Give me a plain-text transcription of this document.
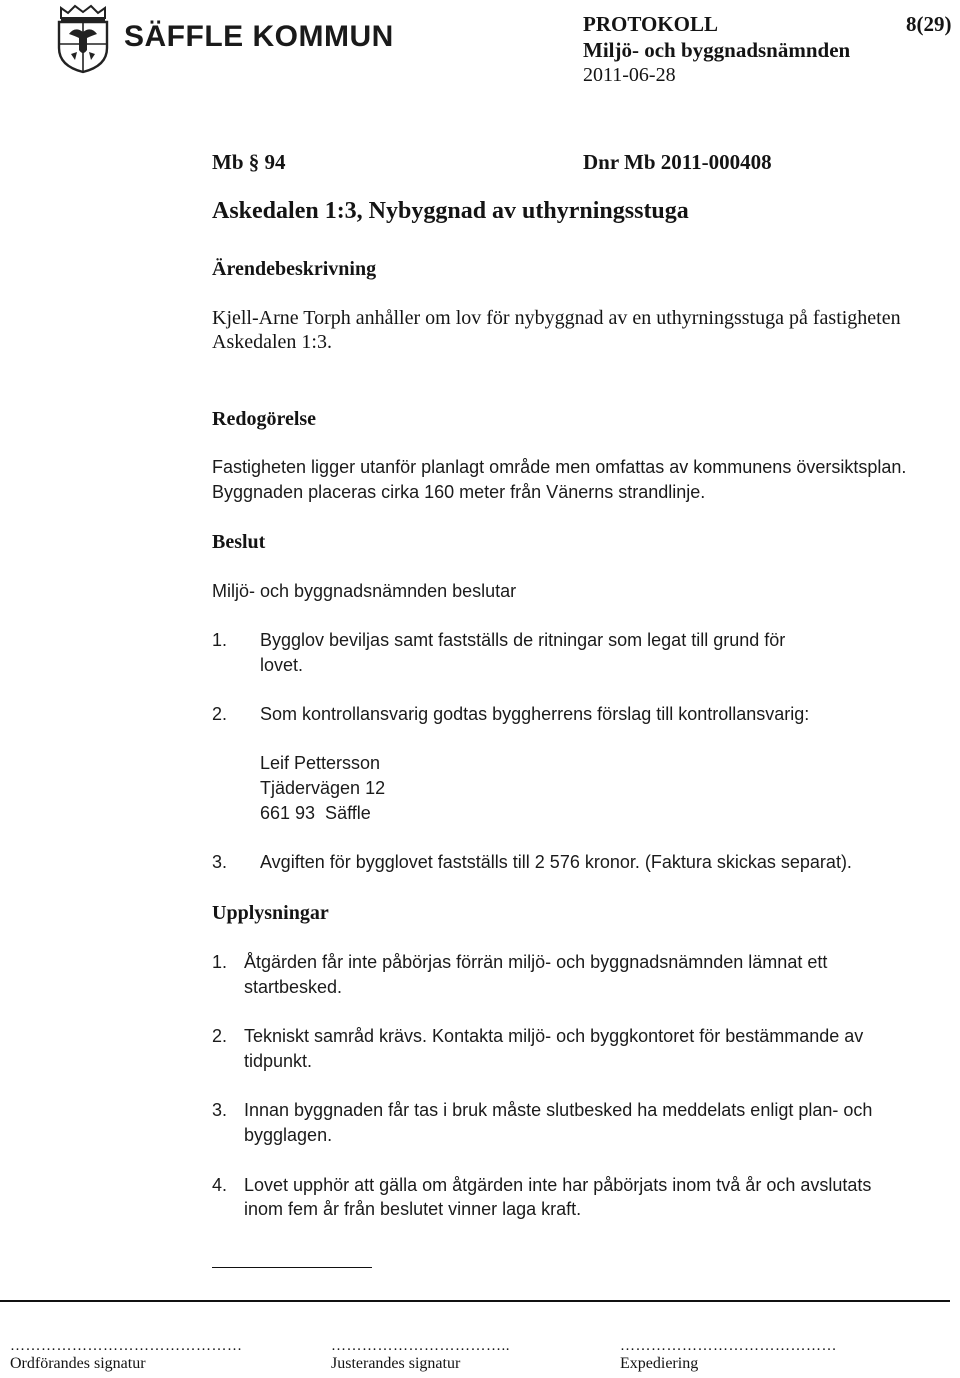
SÄFFLE KOMMUN	PROTOKOLL	8(29)
Miljö- och byggnadsnämnden
2011-06-28
Mb § 94	Dnr Mb 2011-000408
Askedalen 1:3, Nybyggnad av uthyrningsstuga
Ärendebeskrivning
Kjell-Arne Torph anhåller om lov för nybyggnad av en uthyrningsstuga på fastigheten
Askedalen 1:3.
Redogörelse
Fastigheten ligger utanför planlagt område men omfattas av kommunens översiktsplan.
Byggnaden placeras cirka 160 meter från Vänerns strandlinje.
Beslut
Miljö- och byggnadsnämnden beslutar
1. Bygglov beviljas samt fastställs de ritningar som legat till grund för
lovet.
2. Som kontrollansvarig godtas byggherrens förslag till kontrollansvarig:
Leif Pettersson
Tjädervägen 12
661 93  Säffle
3. Avgiften för bygglovet fastställs till 2 576 kronor. (Faktura skickas separat).
Upplysningar
1. Åtgärden får inte påbörjas förrän miljö- och byggnadsnämnden lämnat ett
startbesked.
2. Tekniskt samråd krävs. Kontakta miljö- och byggkontoret för bestämmande av
tidpunkt.
3. Innan byggnaden får tas i bruk måste slutbesked ha meddelats enligt plan- och
bygglagen.
4. Lovet upphör att gälla om åtgärden inte har påbörjats inom två år och avslutats
inom fem år från beslutet vinner laga kraft.
………………………………………
Ordförandes signatur
……………………………..
Justerandes signatur
……………………………………
Expediering
